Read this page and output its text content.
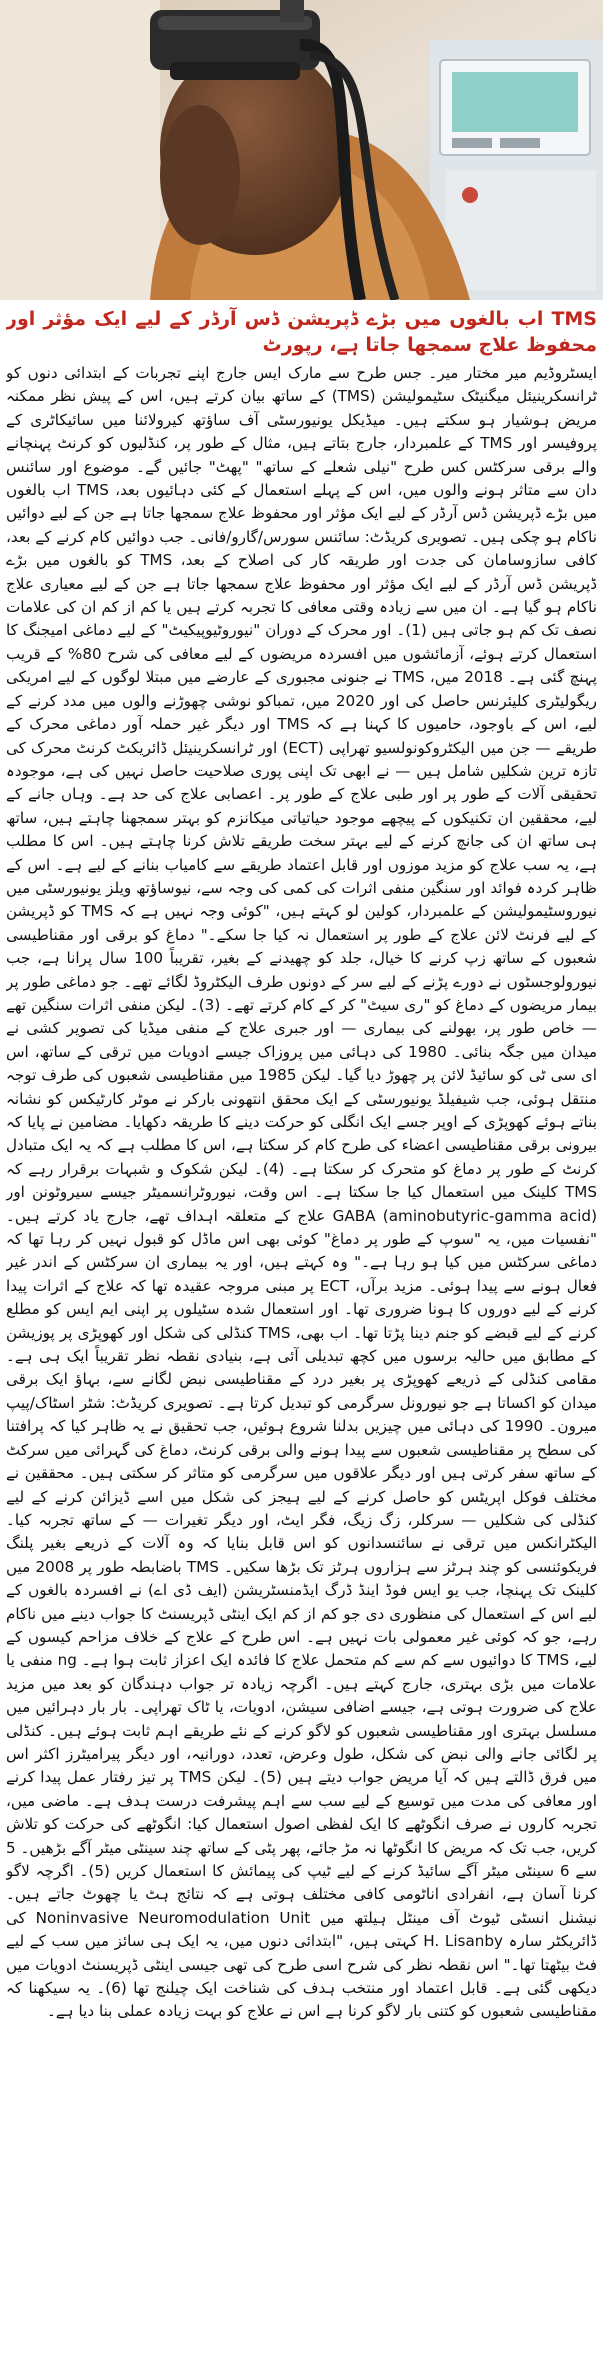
TMS اب بالغوں میں بڑے ڈپریشن ڈس آرڈر کے لیے ایک مؤثر اور محفوظ علاج سمجھا جاتا ہے، رپورٹ

ایسٹروڈیم میر مختار میر۔ جس طرح سے مارک ایس جارج اپنے تجربات کے ابتدائی دنوں کو ٹرانسکرینیئل میگنیٹک سٹیمولیشن (TMS) کے ساتھ بیان کرتے ہیں، اس کے پیش نظر ممکنہ مریض ہوشیار ہو سکتے ہیں۔ میڈیکل یونیورسٹی آف ساؤتھ کیرولائنا میں سائیکاٹری کے پروفیسر اور TMS کے علمبردار، جارج بتاتے ہیں، مثال کے طور پر، کنڈلیوں کو کرنٹ پہنچانے والے برقی سرکٹس کس طرح "نیلی شعلے کے ساتھ" "پھٹ" جائیں گے۔ موضوع اور سائنس دان سے متاثر ہونے والوں میں، اس کے پہلے استعمال کے کئی دہائیوں بعد، TMS اب بالغوں میں بڑے ڈپریشن ڈس آرڈر کے لیے ایک مؤثر اور محفوظ علاج سمجھا جاتا ہے جن کے لیے دوائیں ناکام ہو چکی ہیں۔ تصویری کریڈٹ: سائنس سورس/گارو/فانی۔ جب دوائیں کام کرنے کے بعد، کافی سازوسامان کی جدت اور طریقہ کار کی اصلاح کے بعد، TMS کو بالغوں میں بڑے ڈپریشن ڈس آرڈر کے لیے ایک مؤثر اور محفوظ علاج سمجھا جاتا ہے جن کے لیے معیاری علاج ناکام ہو گیا ہے۔ ان میں سے زیادہ وقتی معافی کا تجربہ کرتے ہیں یا کم از کم ان کی علامات نصف تک کم ہو جاتی ہیں (1)۔ اور محرک کے دوران "نیوروٹیوپیکیٹ" کے لیے دماغی امیجنگ کا استعمال کرتے ہوئے، آزمائشوں میں افسردہ مریضوں کے لیے معافی کی شرح 80% کے قریب پہنچ گئی ہے۔ 2018 میں، TMS نے جنونی مجبوری کے عارضے میں مبتلا لوگوں کے لیے امریکی ریگولیٹری کلیئرنس حاصل کی اور 2020 میں، تمباکو نوشی چھوڑنے والوں میں مدد کرنے کے لیے، اس کے باوجود، حامیوں کا کہنا ہے کہ TMS اور دیگر غیر حملہ آور دماغی محرک کے طریقے — جن میں الیکٹروکونولسیو تھراپی (ECT) اور ٹرانسکرینیئل ڈائریکٹ کرنٹ محرک کی تازہ ترین شکلیں شامل ہیں — نے ابھی تک اپنی پوری صلاحیت حاصل نہیں کی ہے، موجودہ تحقیقی آلات کے طور پر اور طبی علاج کے طور پر۔ اعصابی علاج کی حد ہے۔ وہاں جانے کے لیے، محققین ان تکنیکوں کے پیچھے موجود حیاتیاتی میکانزم کو بہتر سمجھنا چاہتے ہیں، ساتھ ہی ساتھ ان کی جانچ کرنے کے لیے بہتر سخت طریقے تلاش کرنا چاہتے ہیں۔ اس کا مطلب ہے، یہ سب علاج کو مزید موزوں اور قابل اعتماد طریقے سے کامیاب بنانے کے لیے ہے۔ اس کے ظاہر کردہ فوائد اور سنگین منفی اثرات کی کمی کی وجہ سے، نیوساؤتھ ویلز یونیورسٹی میں نیوروسٹیمولیشن کے علمبردار، کولین لو کہتے ہیں، "کوئی وجہ نہیں ہے کہ TMS کو ڈپریشن کے لیے فرنٹ لائن علاج کے طور پر استعمال نہ کیا جا سکے۔" دماغ کو برقی اور مقناطیسی شعبوں کے ساتھ زپ کرنے کا خیال، جلد کو چھیدنے کے بغیر، تقریباً 100 سال پرانا ہے، جب نیورولوجسٹوں نے دورے پڑنے کے لیے سر کے دونوں طرف الیکٹروڈ لگائے تھے۔ جو دماغی طور پر بیمار مریضوں کے دماغ کو "ری سیٹ" کر کے کام کرتے تھے۔ (3)۔ لیکن منفی اثرات سنگین تھے — خاص طور پر، بھولنے کی بیماری — اور جبری علاج کے منفی میڈیا کی تصویر کشی نے میدان میں جگہ بنائی۔ 1980 کی دہائی میں پروزاک جیسے ادویات میں ترقی کے ساتھ، اس ای سی ٹی کو سائیڈ لائن پر چھوڑ دیا گیا۔ لیکن 1985 میں مقناطیسی شعبوں کی طرف توجہ منتقل ہوئی، جب شیفیلڈ یونیورسٹی کے ایک محقق انتھونی بارکر نے موٹر کارٹیکس کو نشانہ بناتے ہوئے کھوپڑی کے اوپر جسے ایک انگلی کو حرکت دینے کا طریقہ دکھایا۔ مضامین نے پایا کہ بیرونی برقی مقناطیسی اعضاء کی طرح کام کر سکتا ہے، اس کا مطلب ہے کہ یہ ایک متبادل کرنٹ کے طور پر دماغ کو متحرک کر سکتا ہے۔ (4)۔ لیکن شکوک و شبہات برقرار رہے کہ TMS کلینک میں استعمال کیا جا سکتا ہے۔ اس وقت، نیوروٹرانسمیٹر جیسے سیروٹونن اور GABA (aminobutyric-gamma acid) علاج کے متعلقہ اہداف تھے، جارج یاد کرتے ہیں۔ "نفسیات میں، یہ "سوپ کے طور پر دماغ" کوئی بھی اس ماڈل کو قبول نہیں کر رہا تھا کہ دماغی سرکٹس میں کیا ہو رہا ہے۔" وہ کہتے ہیں، اور یہ بیماری ان سرکٹس کے اندر غیر فعال ہونے سے پیدا ہوئی۔ مزید برآں، ECT پر مبنی مروجہ عقیدہ تھا کہ علاج کے اثرات پیدا کرنے کے لیے دوروں کا ہونا ضروری تھا۔ اور استعمال شدہ سٹیلوں پر اپنی ایم ایس کو مطلع کرنے کے لیے قبضے کو جنم دینا پڑتا تھا۔ اب بھی، TMS کنڈلی کی شکل اور کھوپڑی پر پوزیشن کے مطابق میں حالیہ برسوں میں کچھ تبدیلی آئی ہے، بنیادی نقطہ نظر تقریباً ایک ہی ہے۔ مقامی کنڈلی کے ذریعے کھوپڑی پر بغیر درد کے مقناطیسی نبض لگانے سے، بہاؤ ایک برقی میدان کو اکساتا ہے جو نیورونل سرگرمی کو تبدیل کرتا ہے۔ تصویری کریڈٹ: شٹر اسٹاک/پیپ میرون۔ 1990 کی دہائی میں چیزیں بدلنا شروع ہوئیں، جب تحقیق نے یہ ظاہر کیا کہ پرافتنا کی سطح پر مقناطیسی شعبوں سے پیدا ہونے والی برقی کرنٹ، دماغ کی گہرائی میں سرکٹ کے ساتھ سفر کرتی ہیں اور دیگر علاقوں میں سرگرمی کو متاثر کر سکتی ہیں۔ محققین نے مختلف فوکل اپریٹس کو حاصل کرنے کے لیے ہیجز کی شکل میں اسے ڈیزائن کرنے کے لیے کنڈلی کی شکلیں — سرکلر، زگ زیگ، فگر ایٹ، اور دیگر تغیرات — کے ساتھ تجربہ کیا۔ الیکٹرانکس میں ترقی نے سائنسدانوں کو اس قابل بنایا کہ وہ آلات کے ذریعے بغیر پلنگ فریکوئنسی کو چند ہرٹز سے ہزاروں ہرٹز تک بڑھا سکیں۔ TMS باضابطہ طور پر 2008 میں کلینک تک پہنچا، جب یو ایس فوڈ اینڈ ڈرگ ایڈمنسٹریشن (ایف ڈی اے) نے افسردہ بالغوں کے لیے اس کے استعمال کی منظوری دی جو کم از کم ایک اینٹی ڈپریسنٹ کا جواب دینے میں ناکام رہے، جو کہ کوئی غیر معمولی بات نہیں ہے۔ اس طرح کے علاج کے خلاف مزاحم کیسوں کے لیے، TMS کا دوائیوں سے کم سے کم متحمل علاج کا فائدہ ایک اعزاز ثابت ہوا ہے۔ ng منفی یا علامات میں بڑی بہتری، جارج کہتے ہیں۔ اگرچہ زیادہ تر جواب دہندگان کو بعد میں مزید علاج کی ضرورت ہوتی ہے، جیسے اضافی سیشن، ادویات، یا ٹاک تھراپی۔ بار بار دہرائیں میں مسلسل بہتری اور مقناطیسی شعبوں کو لاگو کرنے کے نئے طریقے اہم ثابت ہوئے ہیں۔ کنڈلی پر لگائی جانے والی نبض کی شکل، طول وعرض، تعدد، دورانیہ، اور دیگر پیرامیٹرز اکثر اس میں فرق ڈالتے ہیں کہ آیا مریض جواب دیتے ہیں (5)۔ لیکن TMS پر تیز رفتار عمل پیدا کرنے اور معافی کی مدت میں توسیع کے لیے سب سے اہم پیشرفت درست ہدف ہے۔ ماضی میں، تجربہ کاروں نے صرف انگوٹھے کا ایک لفظی اصول استعمال کیا: انگوٹھے کی حرکت کو تلاش کریں، جب تک کہ مریض کا انگوٹھا نہ مڑ جائے، پھر پٹی کے ساتھ چند سینٹی میٹر آگے بڑھیں۔ 5 سے 6 سینٹی میٹر آگے سائیڈ کرنے کے لیے ٹیپ کی پیمائش کا استعمال کریں (5)۔ اگرچہ لاگو کرنا آسان ہے، انفرادی اناٹومی کافی مختلف ہوتی ہے کہ نتائج ہٹ یا چھوٹ جاتے ہیں۔ نیشنل انسٹی ٹیوٹ آف مینٹل ہیلتھ میں Noninvasive Neuromodulation Unit کی ڈائریکٹر سارہ H. Lisanby کہتی ہیں، "ابتدائی دنوں میں، یہ ایک ہی سائز میں سب کے لیے فٹ بیٹھتا تھا۔" اس نقطہ نظر کی شرح اسی طرح کی تھی جیسی اینٹی ڈپریسنٹ ادویات میں دیکھی گئی ہے۔ قابل اعتماد اور منتخب ہدف کی شناخت ایک چیلنج تھا (6)۔ یہ سیکھنا کہ مقناطیسی شعبوں کو کتنی بار لاگو کرنا ہے اس نے علاج کو بہت زیادہ عملی بنا دیا ہے۔
